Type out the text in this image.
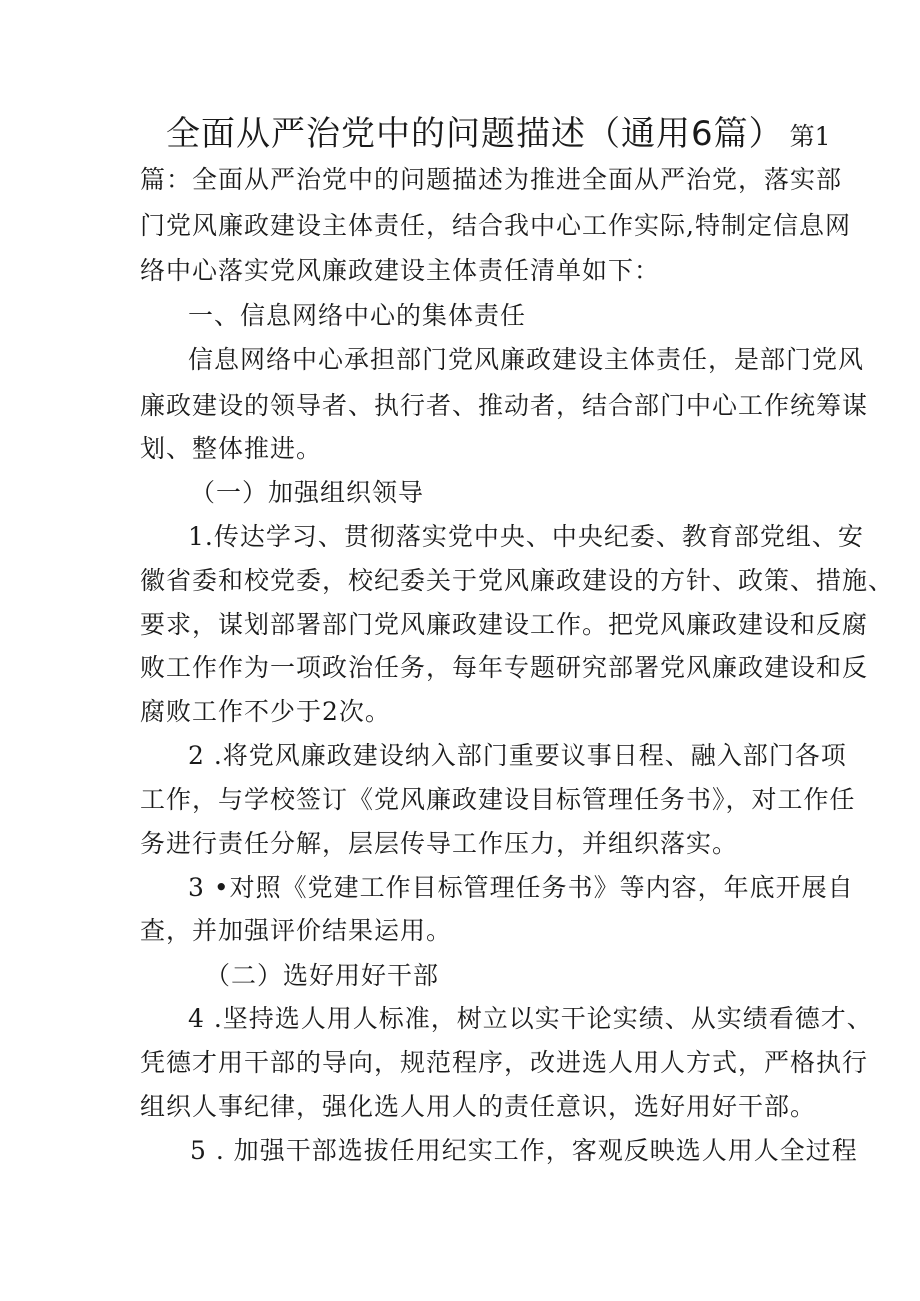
全面从严治党中的问题描述（通用6篇） 第1
篇：全面从严治党中的问题描述为推进全面从严治党，落实部
门党风廉政建设主体责任，结合我中心工作实际,特制定信息网
络中心落实党风廉政建设主体责任清单如下：
一、信息网络中心的集体责任
信息网络中心承担部门党风廉政建设主体责任，是部门党风
廉政建设的领导者、执行者、推动者，结合部门中心工作统筹谋
划、整体推进。
（一）加强组织领导
1.传达学习、贯彻落实党中央、中央纪委、教育部党组、安
徽省委和校党委，校纪委关于党风廉政建设的方针、政策、措施、
要求，谋划部署部门党风廉政建设工作。把党风廉政建设和反腐
败工作作为一项政治任务，每年专题研究部署党风廉政建设和反
腐败工作不少于2次。
2 .将党风廉政建设纳入部门重要议事日程、融入部门各项
工作，与学校签订《党风廉政建设目标管理任务书》，对工作任
务进行责任分解，层层传导工作压力，并组织落实。
3 •对照《党建工作目标管理任务书》等内容，年底开展自
查，并加强评价结果运用。
（二）选好用好干部
4 .坚持选人用人标准，树立以实干论实绩、从实绩看德才、
凭德才用干部的导向，规范程序，改进选人用人方式，严格执行
组织人事纪律，强化选人用人的责任意识，选好用好干部。
5 . 加强干部选拔任用纪实工作，客观反映选人用人全过程
